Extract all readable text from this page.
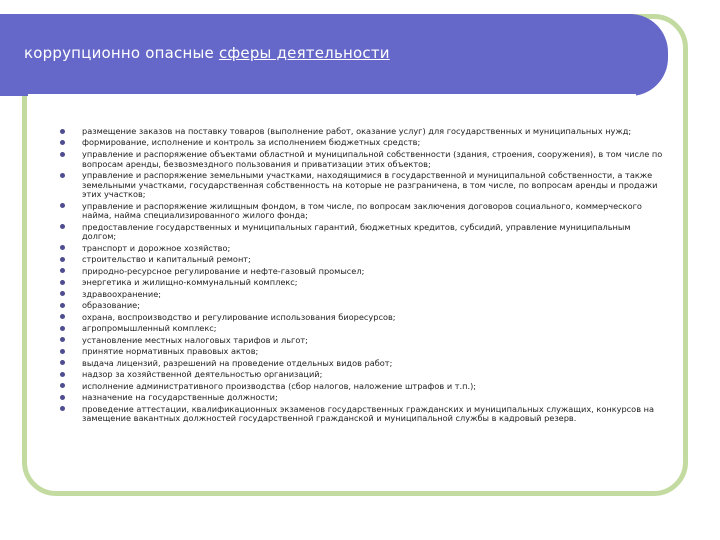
коррупционно опасные сферы деятельности
размещение заказов на поставку товаров (выполнение работ, оказание услуг) для государственных и муниципальных нужд;
формирование, исполнение и контроль за исполнением бюджетных средств;
управление и распоряжение объектами областной и муниципальной собственности (здания, строения, сооружения), в том числе по вопросам аренды, безвозмездного пользования и приватизации этих объектов;
управление и распоряжение земельными участками, находящимися в государственной и муниципальной собственности, а также земельными участками, государственная собственность на которые не разграничена, в том числе, по вопросам аренды и продажи этих участков;
управление и распоряжение жилищным фондом, в том числе, по вопросам заключения договоров социального, коммерческого найма, найма специализированного жилого фонда;
предоставление государственных и муниципальных гарантий, бюджетных кредитов, субсидий, управление муниципальным долгом;
транспорт и дорожное хозяйство;
строительство и капитальный ремонт;
природно-ресурсное регулирование и нефте-газовый промысел;
энергетика и жилищно-коммунальный комплекс;
здравоохранение;
образование;
охрана, воспроизводство и регулирование использования биоресурсов;
агропромышленный комплекс;
установление местных налоговых тарифов и льгот;
принятие нормативных правовых актов;
выдача лицензий, разрешений на проведение отдельных видов работ;
надзор за хозяйственной деятельностью организаций;
исполнение административного производства (сбор налогов, наложение штрафов и т.п.);
назначение на государственные должности;
проведение аттестации, квалификационных экзаменов государственных гражданских и муниципальных служащих, конкурсов на замещение вакантных должностей государственной гражданской и муниципальной службы в кадровый резерв.
